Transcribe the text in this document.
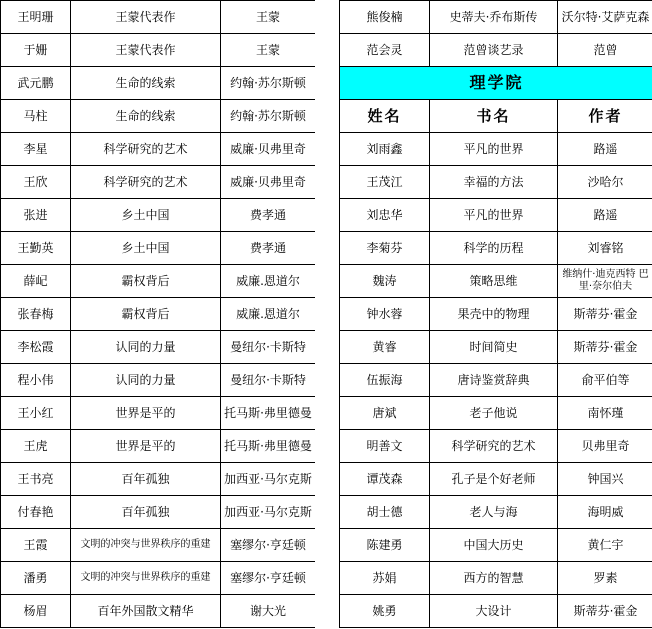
王明珊	王蒙代表作	王蒙
于姗	王蒙代表作	王蒙
武元鹏	生命的线索	约翰·苏尔斯顿
马柱	生命的线索	约翰·苏尔斯顿
李星	科学研究的艺术	威廉·贝弗里奇
王欣	科学研究的艺术	威廉·贝弗里奇
张进	乡土中国	费孝通
王勤英	乡土中国	费孝通
薛屺	霸权背后	威廉.恩道尔
张春梅	霸权背后	威廉.恩道尔
李松霞	认同的力量	曼纽尔·卡斯特
程小伟	认同的力量	曼纽尔·卡斯特
王小红	世界是平的	托马斯·弗里德曼
王虎	世界是平的	托马斯·弗里德曼
王书亮	百年孤独	加西亚·马尔克斯
付春艳	百年孤独	加西亚·马尔克斯
王霞	文明的冲突与世界秩序的重建	塞缪尔·亨廷顿
潘勇	文明的冲突与世界秩序的重建	塞缪尔·亨廷顿
杨眉	百年外国散文精华	谢大光
熊俊楠	史蒂夫·乔布斯传	沃尔特·艾萨克森
范会灵	范曾谈艺录	范曾
理学院		
姓名	书名	作者
刘雨鑫	平凡的世界	路遥
王茂江	幸福的方法	沙哈尔
刘忠华	平凡的世界	路遥
李菊芬	科学的历程	刘睿铭
魏涛	策略思维	维纳什·迪克西特 巴里·奈尔伯夫
钟水蓉	果壳中的物理	斯蒂芬·霍金
黄睿	时间简史	斯蒂芬·霍金
伍振海	唐诗鉴赏辞典	俞平伯等
唐斌	老子他说	南怀瑾
明善文	科学研究的艺术	贝弗里奇
谭茂森	孔子是个好老师	钟国兴
胡士德	老人与海	海明威
陈建勇	中国大历史	黄仁宇
苏娟	西方的智慧	罗素
姚勇	大设计	斯蒂芬·霍金
